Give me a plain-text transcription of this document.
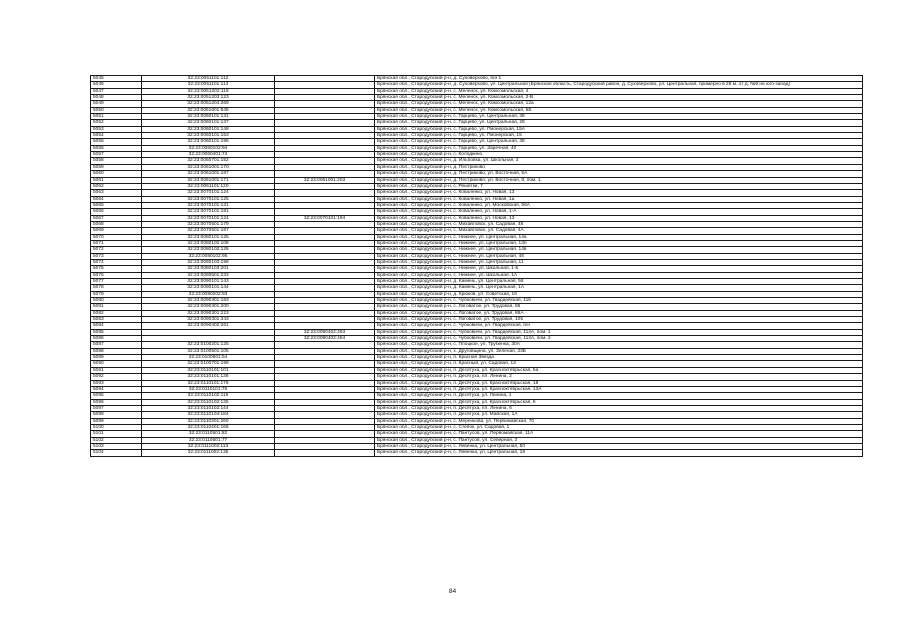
5045	32:23:0051101:112		Брянская обл., Стародубский р-н, д. Суховерхово, б/н 1
5046	32:23:0051101:113		Брянская обл., Стародубский р-н, д. Суховерхово, ул. Центральная (Брянская область, Стародубский район, д. Суховерхово, ул. Центральная, примерно в 28 м. от д. №9 на юго-запад)
5047	32:23:0051202:119		Брянская обл., Стародубский р-н, с. Меленск, ул. Комсомольская, 4
5048	32:23:0051203:123		Брянская обл., Стародубский р-н, с. Меленск, ул. Комсомольская, 2-В
5049	32:23:0051204:269		Брянская обл., Стародубский р-н, с. Меленск, ул. Комсомольская, 12а
5050	32:23:0051601:545		Брянская обл., Стародубский р-н, с. Меленск, ул. Комсомольская, 5Б
5051	32:23:0060101:131		Брянская обл., Стародубский р-н, с. Гарцево, ул. Центральная, 38
5052	32:23:0060101:137		Брянская обл., Стародубский р-н, с. Гарцево, ул. Центральная, 28
5053	32:23:0060101:148		Брянская обл., Стародубский р-н, с. Гарцево, ул. Пионерская, 15А
5054	32:23:0060101:153		Брянская обл., Стародубский р-н, с. Гарцево, ул. Пионерская, 15
5055	32:23:0060101:196		Брянская обл., Стародубский р-н, с. Гарцево, ул. Центральная, 38
5056	32:23:0060102:94		Брянская обл., Стародубский р-н, с. Гарцево, ул. Заречная, 40
5057	32:23:0060401:74		Брянская обл., Стародубский р-н, с. Колодкино
5058	32:23:0060701:152		Брянская обл., Стародубский р-н, д. Ильбовка, ул. Школьная, 2
5059	32:23:0061001:170		Брянская обл., Стародубский р-н, д. Пестриково
5060	32:23:0061001:187		Брянская обл., Стародубский р-н, д. Пестриково, ул. Восточная, 5А
5061	32:23:0061001:171	32:23:0061001:203	Брянская обл., Стародубский р-н, д. Пестриково, ул. Восточная, 8, пом. 1
5062	32:23:0061101:120		Брянская обл., Стародубский р-н, с. Решетки, 7
5063	32:23:0070101:124		Брянская обл., Стародубский р-н, с. Коваленко, ул. Новая, 13
5064	32:23:0070101:125		Брянская обл., Стародубский р-н, с. Коваленко, ул. Новая, 1а
5065	32:23:0070101:131		Брянская обл., Стародубский р-н, с. Коваленко, ул. Московская, 56А
5066	32:23:0070101:181		Брянская обл., Стародубский р-н, с. Коваленко, ул. Новая, 1-А
5067	32:23:0070101:124	32:23:0070101:194	Брянская обл., Стародубский р-н, с. Коваленко, ул. Новая, 13
5068	32:23:0070501:179		Брянская обл., Стародубский р-н, с. Михайловск, ул. Садовая, 48
5069	32:23:0070501:187		Брянская обл., Стародубский р-н, с. Михайловск, ул. Садовая, 4А
5070	32:23:0080101:125		Брянская обл., Стародубский р-н, с. Нижнее, ул. Центральная, 14а
5071	32:23:0080102:108		Брянская обл., Стародубский р-н, с. Нижнее, ул. Центральная, 13б
5072	32:23:0080102:125		Брянская обл., Стародубский р-н, с. Нижнее, ул. Центральная, 14в
5073	32:23:0080102:95		Брянская обл., Стародубский р-н, с. Нижнее, ул. Центральная, 48
5074	32:23:0080103:198		Брянская обл., Стародубский р-н, с. Нижнее, ул. Центральная, 11
5075	32:23:0080103:201		Брянская обл., Стародубский р-н, с. Нижнее, ул. Школьная, 1-в
5076	32:23:0080501:233		Брянская обл., Стародубский р-н, с. Нижнее, ул. Школьная, 1А
5077	32:23:0090101:143		Брянская обл., Стародубский р-н, д. Камень, ул. Центральная, 56
5078	32:23:0090101:144		Брянская обл., Стародубский р-н, д. Камень, ул. Центральная, 1А
5079	32:23:0090202:93		Брянская обл., Стародубский р-н, д. Крюков, ул. Советская, 16
5080	32:23:0090301:183		Брянская обл., Стародубский р-н, с. Чубковичи, ул. Гвардейская, 116
5081	32:23:0090301:200		Брянская обл., Стародубский р-н, с. Логоватое, ул. Трудовая, 86
5082	32:23:0090301:223		Брянская обл., Стародубский р-н, с. Логоватое, ул. Трудовая, 86А
5083	32:23:0090301:343		Брянская обл., Стародубский р-н, с. Логоватое, ул. Трудовая, 105
5084	32:23:0090402:261		Брянская обл., Стародубский р-н, с. Чубковичи, ул. Гвардейская, б/н
5085		32:23:0090402:453	Брянская обл., Стародубский р-н, с. Чубковичи, ул. Гвардейская, 114А, пом. 1
5086		32:23:0090402:454	Брянская обл., Стародубский р-н, с. Чубковичи, ул. Гвардейская, 114А, пом. 2
5087	32:23:0100201:125		Брянская обл., Стародубский р-н, с. Плоцкое, ул. Трубенка, 30А
5088	32:23:0100501:105		Брянская обл., Стародубский р-н, х. Друговщина, ул. Зеленая, 33Б
5089	32:23:0100601:54		Брянская обл., Стародубский р-н, п. Красная Звезда
5090	32:23:0100701:199		Брянская обл., Стародубский р-н, п. Красный, ул. Садовая, 13
5091	32:23:0110101:101		Брянская обл., Стародубский р-н, п. Десятуха, ул. Красноктябрьская, 5а
5092	32:23:0110101:138		Брянская обл., Стародубский р-н, п. Десятуха, пл. Ленина, 2
5093	32:23:0110101:176		Брянская обл., Стародубский р-н, п. Десятуха, ул. Красноктябрьская, 18
5094	32:23:0110101:79		Брянская обл., Стародубский р-н, п. Десятуха, ул. Красноктябрьская, 13А
5095	32:23:0110102:119		Брянская обл., Стародубский р-н, п. Десятуха, ул. Ленина, 1
5096	32:23:0110102:135		Брянская обл., Стародубский р-н, п. Десятуха, ул. Красноктябрьская, 6
5097	32:23:0110102:144		Брянская обл., Стародубский р-н, п. Десятуха, пл. Ленина, 6
5098	32:23:0110104:184		Брянская обл., Стародубский р-н, п. Десятуха, ул. Майская, 1А
5099	32:23:0110301:260		Брянская обл., Стародубский р-н, с. Меренкова, ул. Первомайская, 70
5100	32:23:0110401:165		Брянская обл., Стародубский р-н, с. Степок, ул. Садовая, 1
5101	32:23:0110501:82		Брянская обл., Стародубский р-н, с. Пантусов, ул. Первомайская, 11А
5102	32:23:0110501:77		Брянская обл., Стародубский р-н, с. Пантусов, ул. Северная, 3
5103	32:23:0111002:113		Брянская обл., Стародубский р-н, с. Левенка, ул. Центральная, 50
5104	32:23:0111002:135		Брянская обл., Стародубский р-н, с. Левенка, ул. Центральная, 18
84
